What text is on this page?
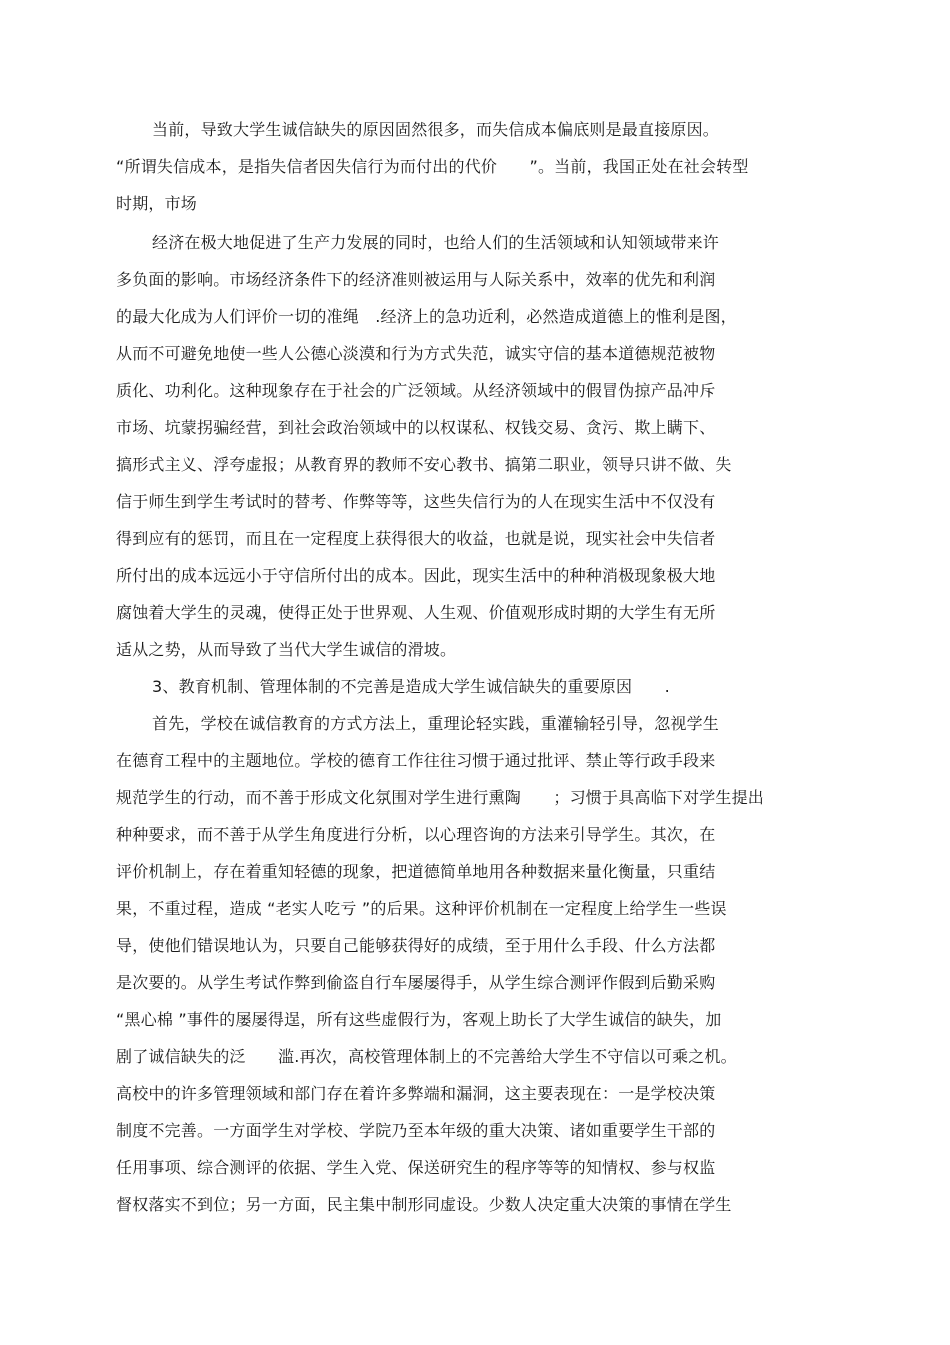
当前，导致大学生诚信缺失的原因固然很多，而失信成本偏底则是最直接原因。
“所谓失信成本，是指失信者因失信行为而付出的代价　　”。当前，我国正处在社会转型
时期，市场
经济在极大地促进了生产力发展的同时，也给人们的生活领域和认知领域带来许
多负面的影响。市场经济条件下的经济准则被运用与人际关系中，效率的优先和利润
的最大化成为人们评价一切的准绳　.经济上的急功近利，必然造成道德上的惟利是图，
从而不可避免地使一些人公德心淡漠和行为方式失范，诚实守信的基本道德规范被物
质化、功利化。这种现象存在于社会的广泛领域。从经济领域中的假冒伪掠产品冲斥
市场、坑蒙拐骗经营，到社会政治领域中的以权谋私、权钱交易、贪污、欺上瞒下、
搞形式主义、浮夸虚报；从教育界的教师不安心教书、搞第二职业，领导只讲不做、失
信于师生到学生考试时的替考、作弊等等，这些失信行为的人在现实生活中不仅没有
得到应有的惩罚，而且在一定程度上获得很大的收益，也就是说，现实社会中失信者
所付出的成本远远小于守信所付出的成本。因此，现实生活中的种种消极现象极大地
腐蚀着大学生的灵魂，使得正处于世界观、人生观、价值观形成时期的大学生有无所
适从之势，从而导致了当代大学生诚信的滑坡。
3、教育机制、管理体制的不完善是造成大学生诚信缺失的重要原因　　.
首先，学校在诚信教育的方式方法上，重理论轻实践，重灌输轻引导，忽视学生
在德育工程中的主题地位。学校的德育工作往往习惯于通过批评、禁止等行政手段来
规范学生的行动，而不善于形成文化氛围对学生进行熏陶　　；习惯于具高临下对学生提出
种种要求，而不善于从学生角度进行分析，以心理咨询的方法来引导学生。其次，在
评价机制上，存在着重知轻德的现象，把道德简单地用各种数据来量化衡量，只重结
果，不重过程，造成 “老实人吃亏 ”的后果。这种评价机制在一定程度上给学生一些误
导，使他们错误地认为，只要自己能够获得好的成绩，至于用什么手段、什么方法都
是次要的。从学生考试作弊到偷盗自行车屡屡得手，从学生综合测评作假到后勤采购
“黑心棉 ”事件的屡屡得逞，所有这些虚假行为，客观上助长了大学生诚信的缺失，加
剧了诚信缺失的泛　　滥.再次，高校管理体制上的不完善给大学生不守信以可乘之机。
高校中的许多管理领域和部门存在着许多弊端和漏洞，这主要表现在：一是学校决策
制度不完善。一方面学生对学校、学院乃至本年级的重大决策、诸如重要学生干部的
任用事项、综合测评的依据、学生入党、保送研究生的程序等等的知情权、参与权监
督权落实不到位；另一方面，民主集中制形同虚设。少数人决定重大决策的事情在学生
